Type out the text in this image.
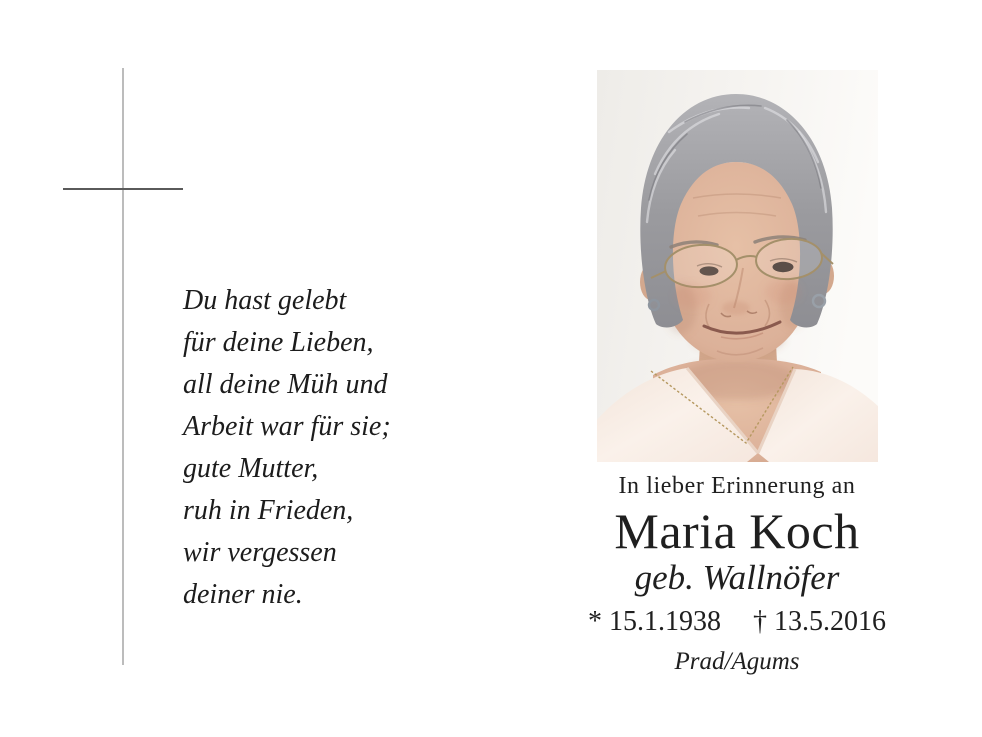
Du hast gelebt
für deine Lieben,
all deine Müh und
Arbeit war für sie;
gute Mutter,
ruh in Frieden,
wir vergessen
deiner nie.
In lieber Erinnerung an
Maria Koch
geb. Wallnöfer
* 15.1.1938 † 13.5.2016
Prad/Agums
